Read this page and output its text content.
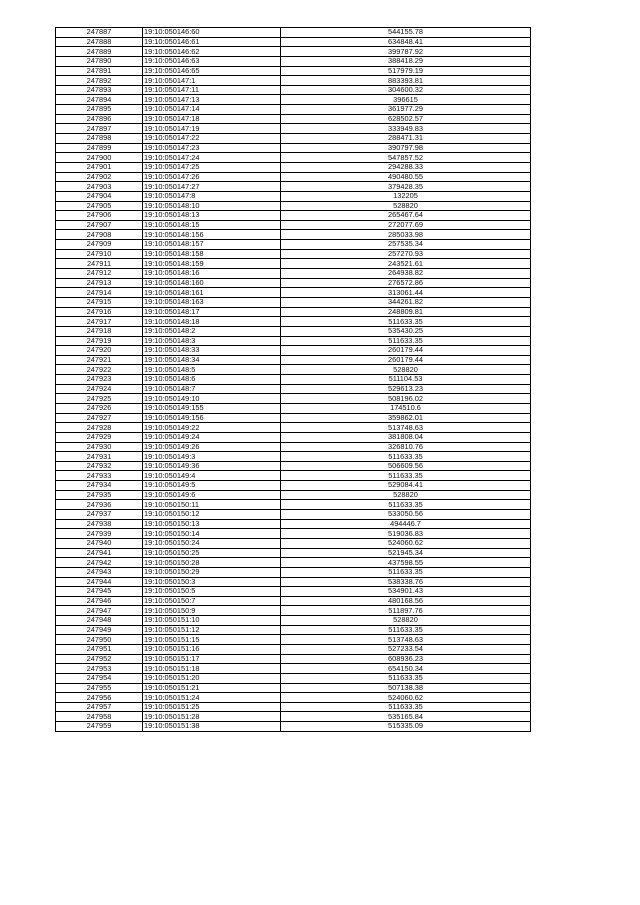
247887	19:10:050146:60	544155.78
247888	19:10:050146:61	634848.41
247889	19:10:050146:62	399787.92
247890	19:10:050146:63	388418.29
247891	19:10:050146:65	517979.19
247892	19:10:050147:1	883393.81
247893	19:10:050147:11	304600.32
247894	19:10:050147:13	396615
247895	19:10:050147:14	361977.29
247896	19:10:050147:18	628502.57
247897	19:10:050147:19	333949.83
247898	19:10:050147:22	288471.31
247899	19:10:050147:23	390797.98
247900	19:10:050147:24	547857.52
247901	19:10:050147:25	294288.33
247902	19:10:050147:26	490480.55
247903	19:10:050147:27	379428.35
247904	19:10:050147:8	132205
247905	19:10:050148:10	528820
247906	19:10:050148:13	265467.64
247907	19:10:050148:15	272077.69
247908	19:10:050148:156	285033.98
247909	19:10:050148:157	257535.34
247910	19:10:050148:158	257270.93
247911	19:10:050148:159	243521.61
247912	19:10:050148:16	264938.82
247913	19:10:050148:160	276572.86
247914	19:10:050148:161	313061.44
247915	19:10:050148:163	344261.82
247916	19:10:050148:17	248809.81
247917	19:10:050148:18	511633.35
247918	19:10:050148:2	535430.25
247919	19:10:050148:3	511633.35
247920	19:10:050148:33	260179.44
247921	19:10:050148:34	260179.44
247922	19:10:050148:5	528820
247923	19:10:050148:6	511104.53
247924	19:10:050148:7	529613.23
247925	19:10:050149:10	508196.02
247926	19:10:050149:155	174510.6
247927	19:10:050149:156	359862.01
247928	19:10:050149:22	513748.63
247929	19:10:050149:24	381808.04
247930	19:10:050149:26	326810.76
247931	19:10:050149:3	511633.35
247932	19:10:050149:36	506609.56
247933	19:10:050149:4	511633.35
247934	19:10:050149:5	529084.41
247935	19:10:050149:6	528820
247936	19:10:050150:11	511633.35
247937	19:10:050150:12	533050.56
247938	19:10:050150:13	494446.7
247939	19:10:050150:14	519036.83
247940	19:10:050150:24	524060.62
247941	19:10:050150:25	521945.34
247942	19:10:050150:28	437598.55
247943	19:10:050150:29	511633.35
247944	19:10:050150:3	538338.76
247945	19:10:050150:5	534901.43
247946	19:10:050150:7	480168.56
247947	19:10:050150:9	511897.76
247948	19:10:050151:10	528820
247949	19:10:050151:12	511633.35
247950	19:10:050151:15	513748.63
247951	19:10:050151:16	527233.54
247952	19:10:050151:17	608936.23
247953	19:10:050151:18	654150.34
247954	19:10:050151:20	511633.35
247955	19:10:050151:21	507138.38
247956	19:10:050151:24	524060.62
247957	19:10:050151:25	511633.35
247958	19:10:050151:28	535165.84
247959	19:10:050151:38	515335.09
